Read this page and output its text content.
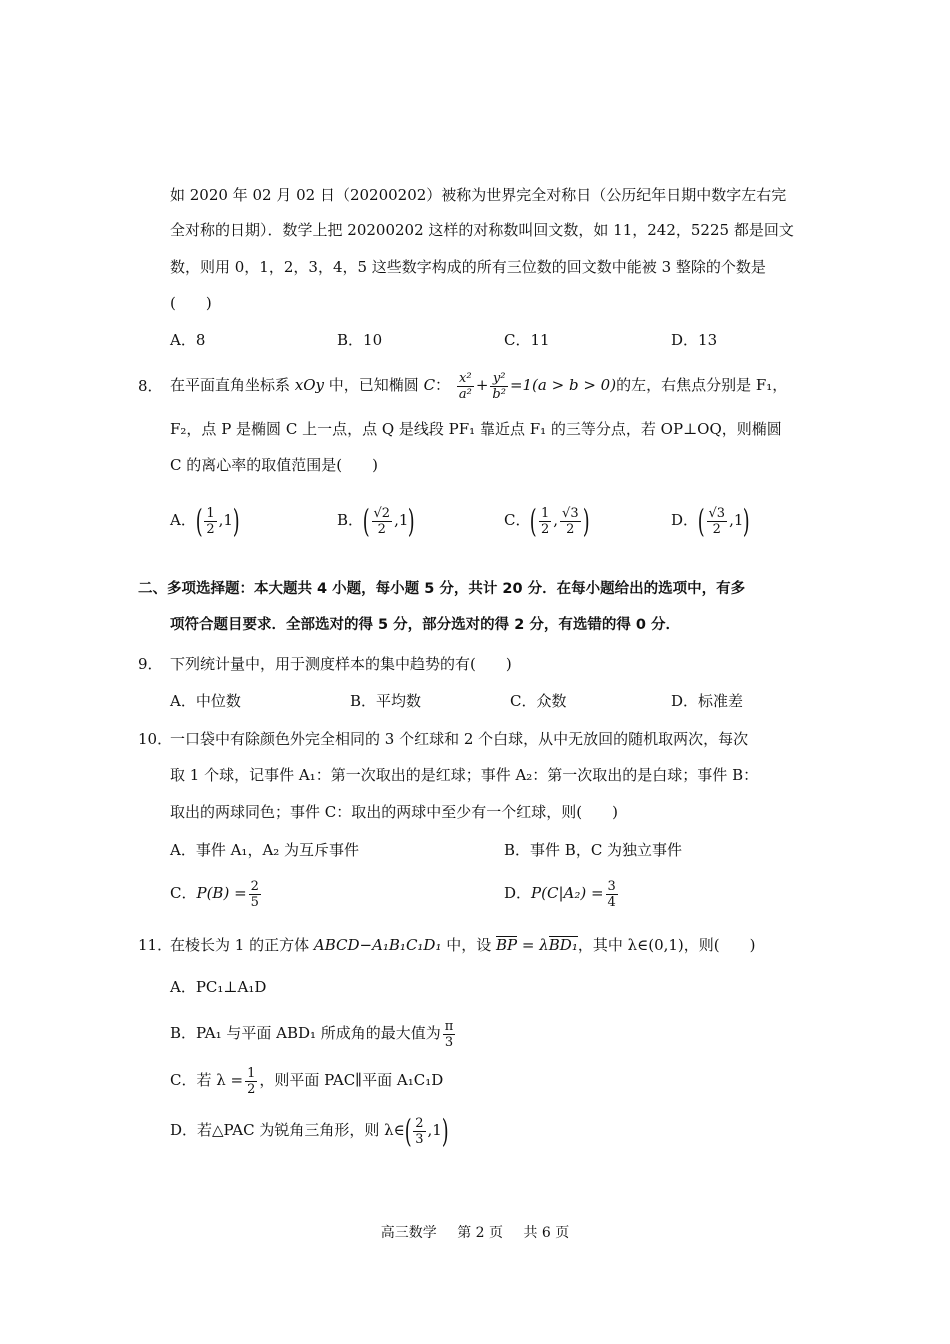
如 2020 年 02 月 02 日（20200202）被称为世界完全对称日（公历纪年日期中数字左右完
全对称的日期）．数学上把 20200202 这样的对称数叫回文数，如 11，242，5225 都是回文
数，则用 0，1，2，3，4，5 这些数字构成的所有三位数的回文数中能被 3 整除的个数是
(　　)
A．8	B．10	C．11	D．13
8． 在平面直角坐标系 xOy 中，已知椭圆 C： $\frac{\text{x²}}{\text{a²}} + \frac{\text{y²}}{\text{b²}} =1(a > b > 0)$的左，右焦点分别是 F₁，
F₂，点 P 是椭圆 C 上一点，点 Q 是线段 PF₁ 靠近点 F₁ 的三等分点，若 OP⊥OQ，则椭圆
C 的离心率的取值范围是(　　)
A．( $\frac{1}{2} ,1$)	B．( $\frac{√2}{2} ,1$)	C．( $\frac{1}{2}$ , $\frac{√3}{2}$ )	D．( $\frac{√3}{2} ,1$)
二、多项选择题：本大题共 4 小题，每小题 5 分，共计 20 分．在每小题给出的选项中，有多
项符合题目要求．全部选对的得 5 分，部分选对的得 2 分，有选错的得 0 分．
9． 下列统计量中，用于测度样本的集中趋势的有(　　)
A．中位数	B．平均数	C．众数	D．标准差
10．
一口袋中有除颜色外完全相同的 3 个红球和 2 个白球，从中无放回的随机取两次，每次
取 1 个球，记事件 A₁：第一次取出的是红球；事件 A₂：第一次取出的是白球；事件 B：
取出的两球同色；事件 C：取出的两球中至少有一个红球，则(　　)
A．事件 A₁，A₂ 为互斥事件	B．事件 B，C 为独立事件
C．$P(B) = \frac{2}{5}$	D．$P(C|A_2) = \frac{3}{4}$
11．
在棱长为 1 的正方体 ABCD−A₁B₁C₁D₁ 中，设 BP = λBD₁，其中 λ∈(0,1)，则(　　)
A．PC₁⊥A₁D
B．PA₁ 与平面 ABD₁ 所成角的最大值为 $\frac{\pi}{3}$
C．若 $\lambda = \frac{1}{2}$ ，则平面 PAC∥平面 A₁C₁D
D．若△PAC 为锐角三角形，则 λ∈( $\frac{2}{3} ,1$)
高三数学 第 2 页 共 6 页
